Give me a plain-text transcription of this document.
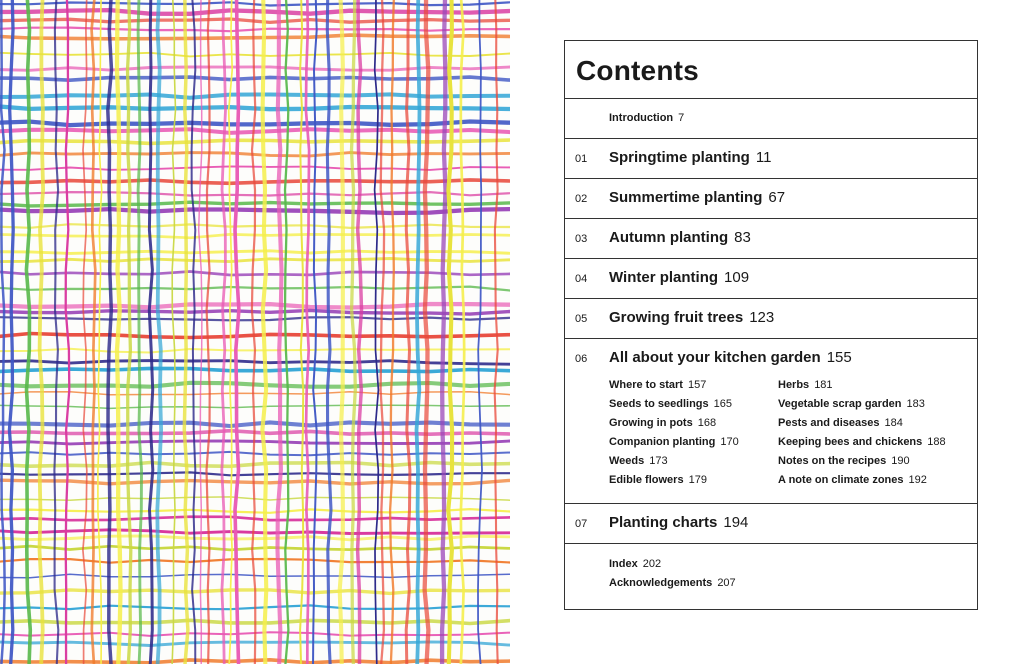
Contents
Introduction 7
01 Springtime planting 11
02 Summertime planting 67
03 Autumn planting 83
04 Winter planting 109
05 Growing fruit trees 123
06 All about your kitchen garden 155
Where to start 157
Seeds to seedlings 165
Growing in pots 168
Companion planting 170
Weeds 173
Edible flowers 179
Herbs 181
Vegetable scrap garden 183
Pests and diseases 184
Keeping bees and chickens 188
Notes on the recipes 190
A note on climate zones 192
07 Planting charts 194
Index 202
Acknowledgements 207
